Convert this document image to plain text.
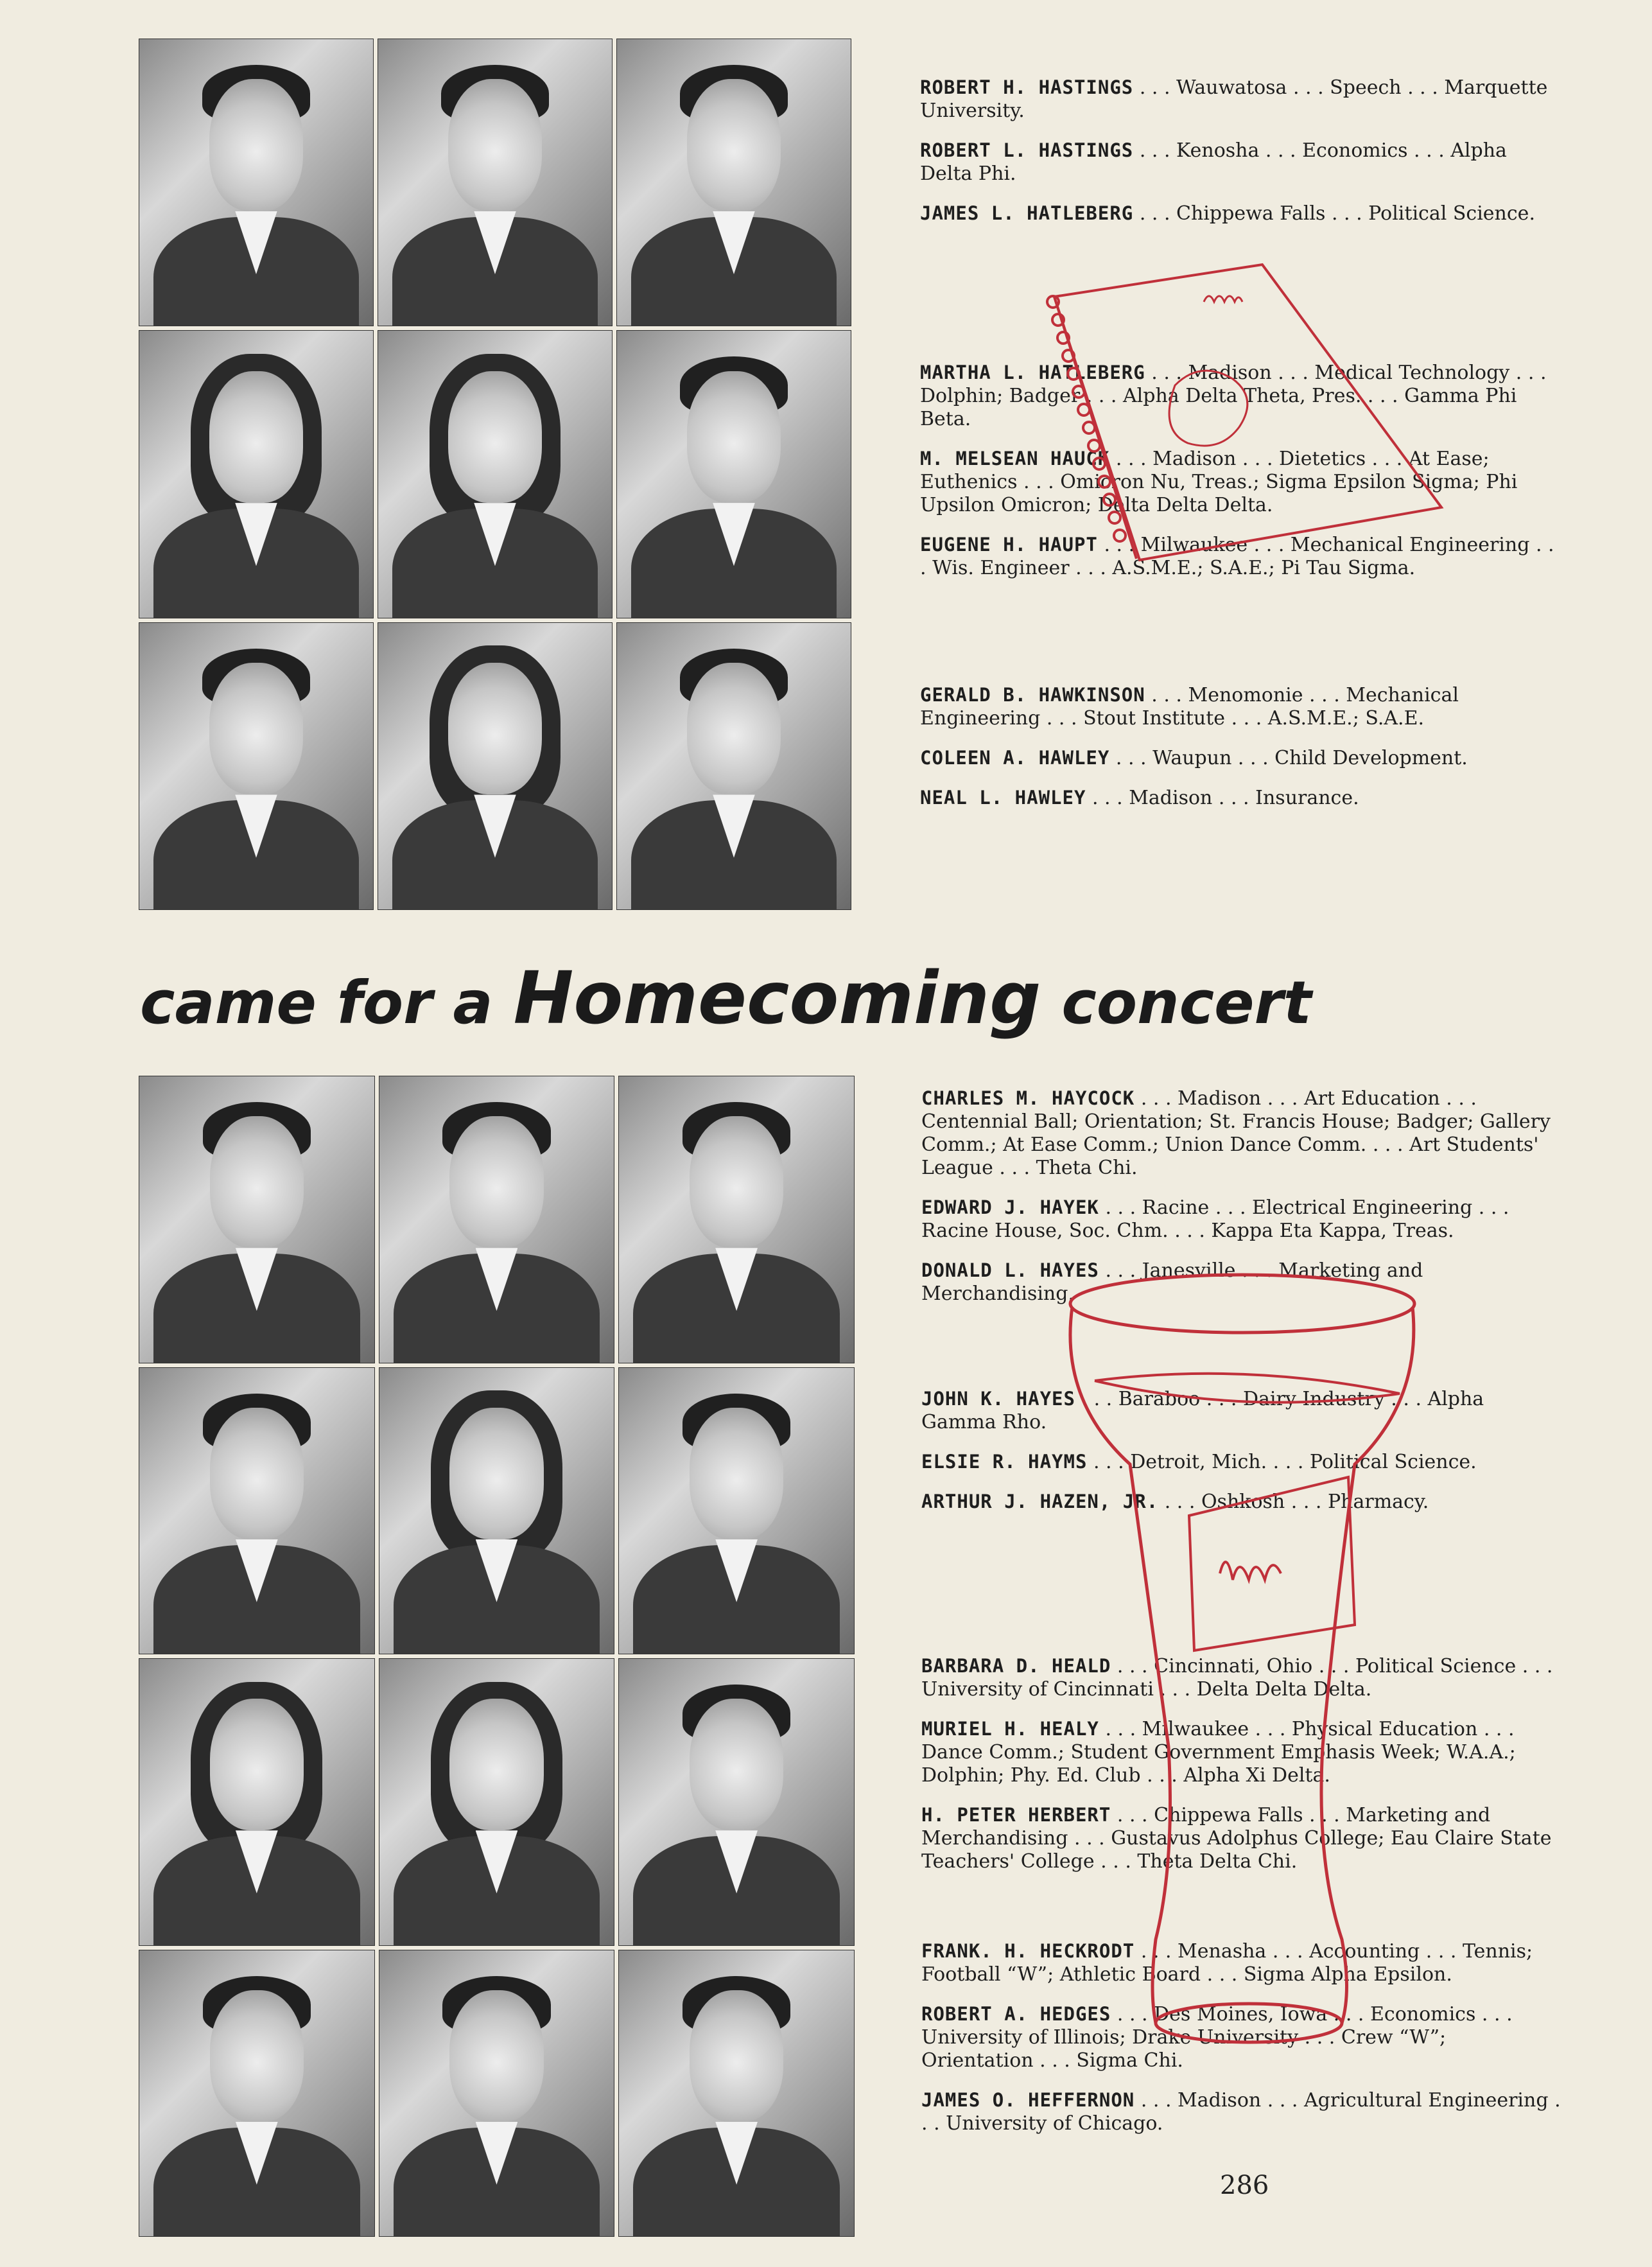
ROBERT H. HASTINGS . . . Wauwatosa . . . Speech . . . Marquette University.

ROBERT L. HASTINGS . . . Kenosha . . . Economics . . . Alpha Delta Phi.

JAMES L. HATLEBERG . . . Chippewa Falls . . . Political Science.

MARTHA L. HATLEBERG . . . Madison . . . Medical Technology . . . Dolphin; Badger . . . Alpha Delta Theta, Pres. . . . Gamma Phi Beta.

M. MELSEAN HAUCK . . . Madison . . . Dietetics . . . At Ease; Euthenics . . . Omicron Nu, Treas.; Sigma Epsilon Sigma; Phi Upsilon Omicron; Delta Delta Delta.

EUGENE H. HAUPT . . . Milwaukee . . . Mechanical Engineering . . . Wis. Engineer . . . A.S.M.E.; S.A.E.; Pi Tau Sigma.

GERALD B. HAWKINSON . . . Menomonie . . . Mechanical Engineering . . . Stout Institute . . . A.S.M.E.; S.A.E.

COLEEN A. HAWLEY . . . Waupun . . . Child Development.

NEAL L. HAWLEY . . . Madison . . . Insurance.

came for a Homecoming concert

CHARLES M. HAYCOCK . . . Madison . . . Art Education . . . Centennial Ball; Orientation; St. Francis House; Badger; Gallery Comm.; At Ease Comm.; Union Dance Comm. . . . Art Students' League . . . Theta Chi.

EDWARD J. HAYEK . . . Racine . . . Electrical Engineering . . . Racine House, Soc. Chm. . . . Kappa Eta Kappa, Treas.

DONALD L. HAYES . . . Janesville . . . Marketing and Merchandising.

JOHN K. HAYES . . . Baraboo . . . Dairy Industry . . . Alpha Gamma Rho.

ELSIE R. HAYMS . . . Detroit, Mich. . . . Political Science.

ARTHUR J. HAZEN, JR. . . . Oshkosh . . . Pharmacy.

BARBARA D. HEALD . . . Cincinnati, Ohio . . . Political Science . . . University of Cincinnati . . . Delta Delta Delta.

MURIEL H. HEALY . . . Milwaukee . . . Physical Education . . . Dance Comm.; Student Government Emphasis Week; W.A.A.; Dolphin; Phy. Ed. Club . . . Alpha Xi Delta.

H. PETER HERBERT . . . Chippewa Falls . . . Marketing and Merchandising . . . Gustavus Adolphus College; Eau Claire State Teachers' College . . . Theta Delta Chi.

FRANK. H. HECKRODT . . . Menasha . . . Accounting . . . Tennis; Football “W”; Athletic Board . . . Sigma Alpha Epsilon.

ROBERT A. HEDGES . . . Des Moines, Iowa . . . Economics . . . University of Illinois; Drake University . . . Crew “W”; Orientation . . . Sigma Chi.

JAMES O. HEFFERNON . . . Madison . . . Agricultural Engineering . . . University of Chicago.

286
